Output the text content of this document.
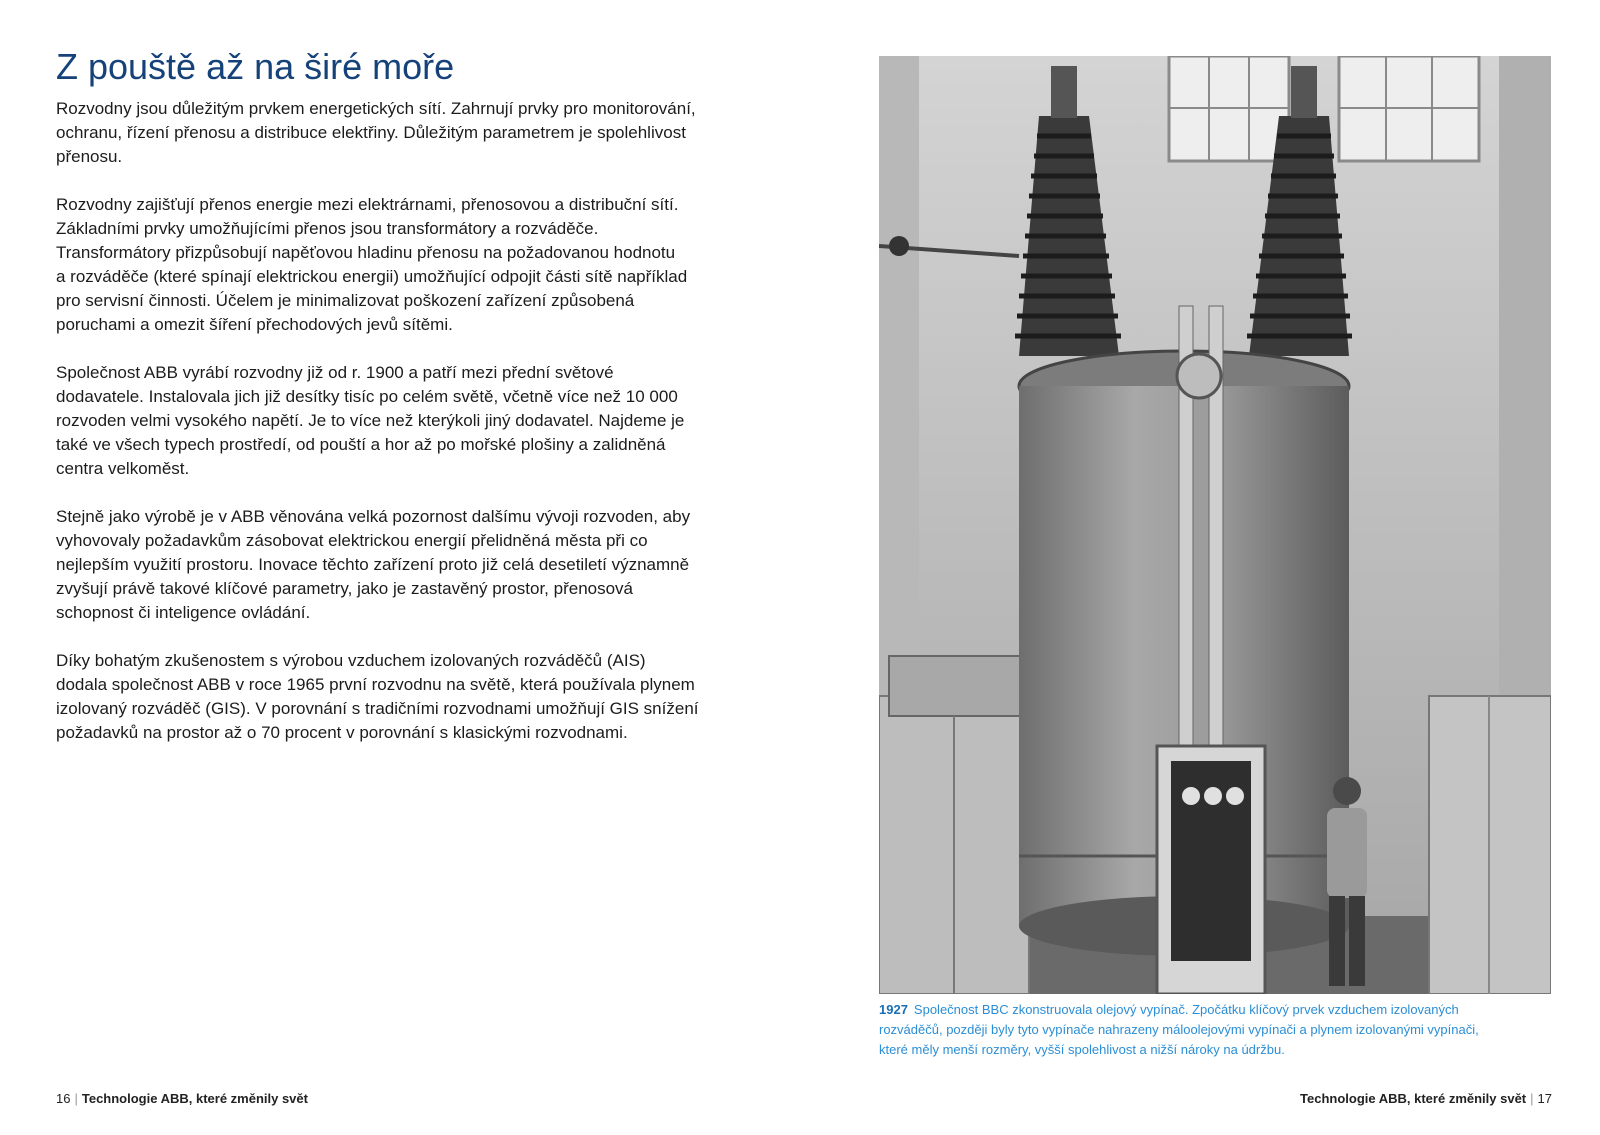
Z pouště až na širé moře

Rozvodny jsou důležitým prvkem energetických sítí. Zahrnují prvky pro monitorování,
ochranu, řízení přenosu a distribuce elektřiny. Důležitým parametrem je spolehlivost
přenosu.

Rozvodny zajišťují přenos energie mezi elektrárnami, přenosovou a distribuční sítí.
Základními prvky umožňujícími přenos jsou transformátory a rozváděče.
Transformátory přizpůsobují napěťovou hladinu přenosu na požadovanou hodnotu
a rozváděče (které spínají elektrickou energii) umožňující odpojit části sítě například
pro servisní činnosti. Účelem je minimalizovat poškození zařízení způsobená
poruchami a omezit šíření přechodových jevů sítěmi.

Společnost ABB vyrábí rozvodny již od r. 1900 a patří mezi přední světové
dodavatele. Instalovala jich již desítky tisíc po celém světě, včetně více než 10 000
rozvoden velmi vysokého napětí. Je to více než kterýkoli jiný dodavatel. Najdeme je
také ve všech typech prostředí, od pouští a hor až po mořské plošiny a zalidněná
centra velkoměst.

Stejně jako výrobě je v ABB věnována velká pozornost dalšímu vývoji rozvoden, aby
vyhovovaly požadavkům zásobovat elektrickou energií přelidněná města při co
nejlepším využití prostoru. Inovace těchto zařízení proto již celá desetiletí významně
zvyšují právě takové klíčové parametry, jako je zastavěný prostor, přenosová
schopnost či inteligence ovládání.

Díky bohatým zkušenostem s výrobou vzduchem izolovaných rozváděčů (AIS)
dodala společnost ABB v roce 1965 první rozvodnu na světě, která používala plynem
izolovaný rozváděč (GIS). V porovnání s tradičními rozvodnami umožňují GIS snížení
požadavků na prostor až o 70 procent v porovnání s klasickými rozvodnami.

1927 Společnost BBC zkonstruovala olejový vypínač. Zpočátku klíčový prvek vzduchem izolovaných
rozváděčů, později byly tyto vypínače nahrazeny máloolejovými vypínači a plynem izolovanými vypínači,
které měly menší rozměry, vyšší spolehlivost a nižší nároky na údržbu.
16 | Technologie ABB, které změnily svět	Technologie ABB, které změnily svět | 17
